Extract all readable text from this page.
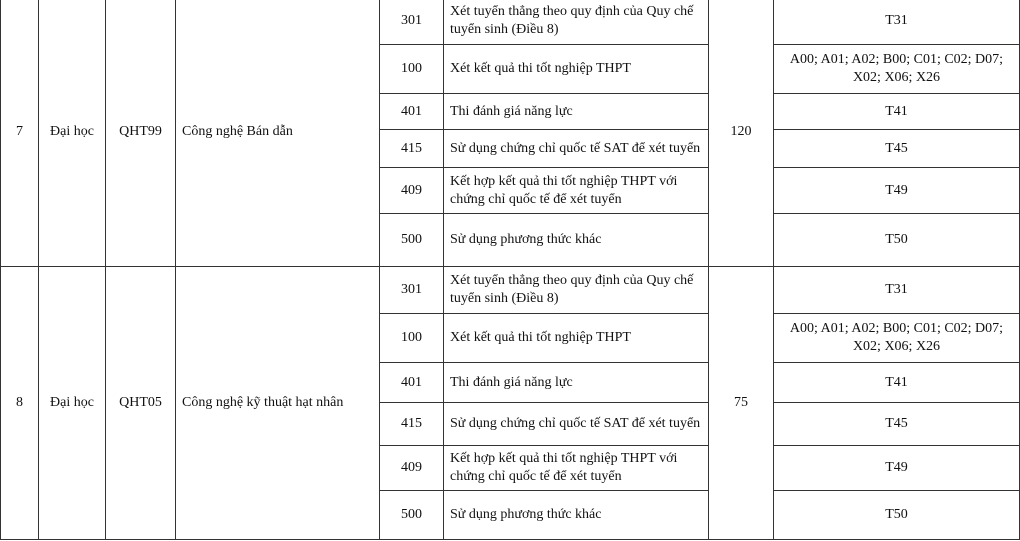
7	Đại học	QHT99	Công nghệ Bán dẫn	301	Xét tuyển thẳng theo quy định của Quy chế tuyển sinh (Điều 8)	120	T31
				100	Xét kết quả thi tốt nghiệp THPT		A00; A01; A02; B00; C01; C02; D07; X02; X06; X26
				401	Thi đánh giá năng lực		T41
				415	Sử dụng chứng chỉ quốc tế SAT để xét tuyển		T45
				409	Kết hợp kết quả thi tốt nghiệp THPT với chứng chỉ quốc tế để xét tuyển		T49
				500	Sử dụng phương thức khác		T50
8	Đại học	QHT05	Công nghệ kỹ thuật hạt nhân	301	Xét tuyển thẳng theo quy định của Quy chế tuyển sinh (Điều 8)	75	T31
				100	Xét kết quả thi tốt nghiệp THPT		A00; A01; A02; B00; C01; C02; D07; X02; X06; X26
				401	Thi đánh giá năng lực		T41
				415	Sử dụng chứng chỉ quốc tế SAT để xét tuyển		T45
				409	Kết hợp kết quả thi tốt nghiệp THPT với chứng chỉ quốc tế để xét tuyển		T49
				500	Sử dụng phương thức khác		T50
